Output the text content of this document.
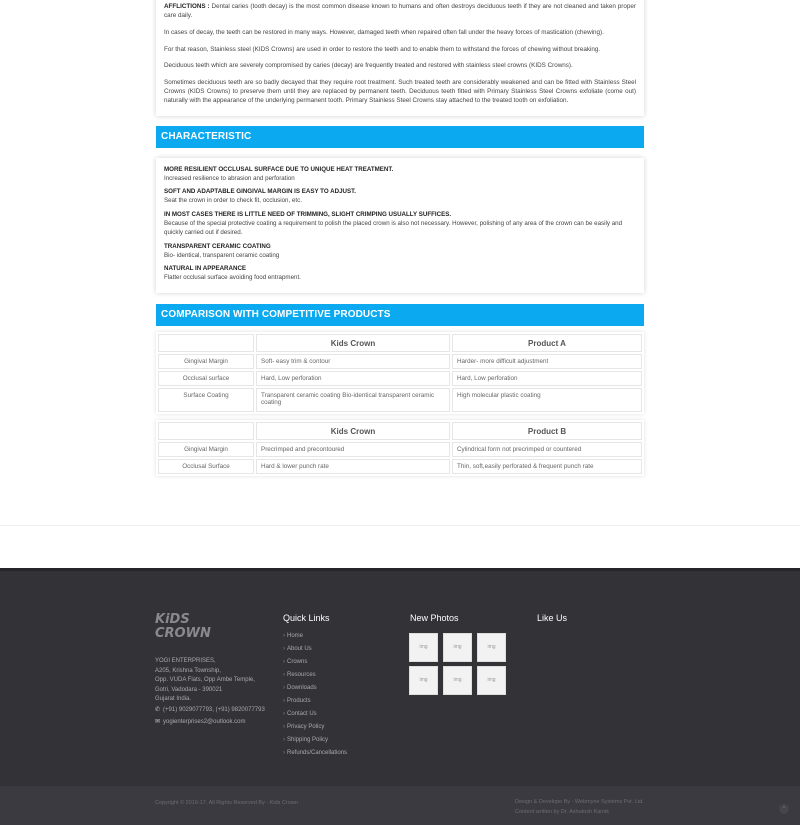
AFFLICTIONS : Dental caries (tooth decay) is the most common disease known to humans and often destroys deciduous teeth if they are not cleaned and taken proper care daily.

In cases of decay, the teeth can be restored in many ways. However, damaged teeth when repaired often fall under the heavy forces of mastication (chewing).

For that reason, Stainless steel (KIDS Crowns) are used in order to restore the teeth and to enable them to withstand the forces of chewing without breaking.

Deciduous teeth which are severely compromised by caries (decay) are frequently treated and restored with stainless steel crowns (KIDS Crowns).

Sometimes deciduous teeth are so badly decayed that they require root treatment. Such treated teeth are considerably weakened and can be fitted with Stainless Steel Crowns (KIDS Crowns) to preserve them until they are replaced by permanent teeth. Deciduous teeth fitted with Primary Stainless Steel Crowns exfoliate (come out) naturally with the appearance of the underlying permanent tooth. Primary Stainless Steel Crowns stay attached to the treated tooth on exfoliation.

CHARACTERISTIC
MORE RESILIENT OCCLUSAL SURFACE DUE TO UNIQUE HEAT TREATMENT.
Increased resilience to abrasion and perforation
SOFT AND ADAPTABLE GINGIVAL MARGIN IS EASY TO ADJUST.
Seat the crown in order to check fit, occlusion, etc.
IN MOST CASES THERE IS LITTLE NEED OF TRIMMING, SLIGHT CRIMPING USUALLY SUFFICES.
Because of the special protective coating a requirement to polish the placed crown is also not necessary. However, polishing of any area of the crown can be easily and quickly carried out if desired.
TRANSPARENT CERAMIC COATING
Bio- identical, transparent ceramic coating
NATURAL IN APPEARANCE
Flatter occlusal surface avoiding food entrapment.
COMPARISON WITH COMPETITIVE PRODUCTS
	Kids Crown	Product A
Gingival Margin	Soft- easy trim & contour	Harder- more difficult adjustment
Occlusal surface	Hard, Low perforation	Hard, Low perforation
Surface Coating	Transparent ceramic coating Bio-identical transparent ceramic coating	High molecular plastic coating
	Kids Crown	Product B
Gingival Margin	Precrimped and precontoured	Cylindrical form not precrimped or countered
Occlusal Surface	Hard & lower punch rate	Thin, soft,easily perforated & frequent punch rate
KiDS
CROWN
YOGI ENTERPRISES,
A205, Krishna Township,
Opp. VUDA Flats, Opp Ambe Temple,
Gotri, Vadodara - 390021
Gujarat India.
✆ (+91) 9029077793, (+91) 9820077793
✉ yogienterprises2@outlook.com
Quick Links
› Home
› About Us
› Crowns
› Resources
› Downloads
› Products
› Contact Us
› Privacy Policy
› Shipping Policy
› Refunds/Cancellations
New Photos
img	img	img
img	img	img
Like Us
Copyright © 2016-17, All Rights Reserved By - Kids Crown	Design & Develope By - Webmyne Systems Pvt. Ltd.
Content written by Dr. Ashutosh Karnik	^
